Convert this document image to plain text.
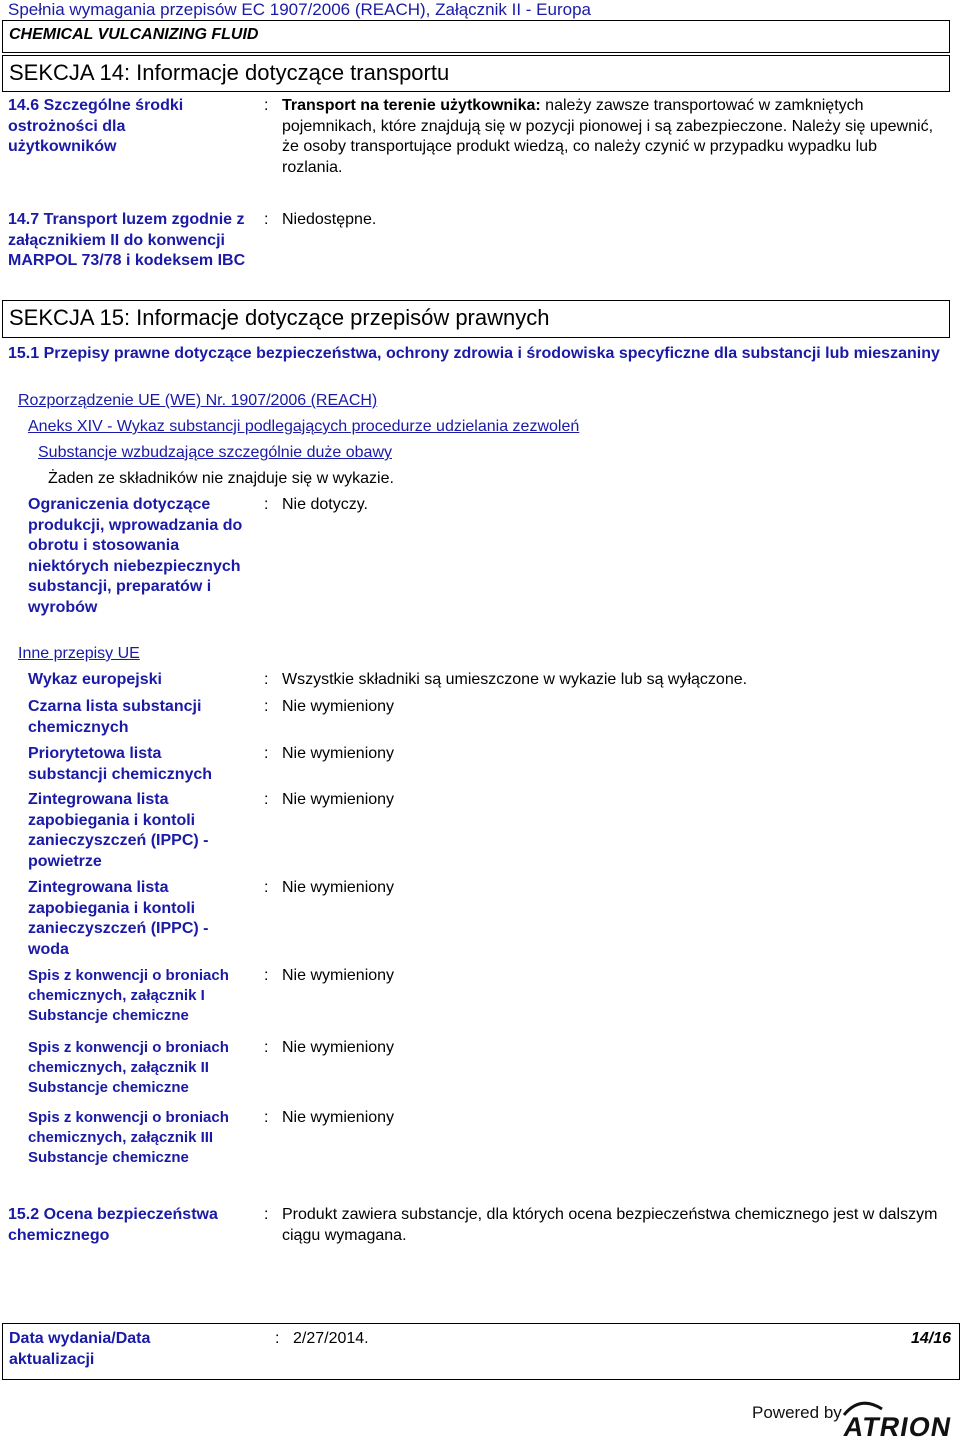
Spełnia wymagania przepisów EC 1907/2006 (REACH), Załącznik II - Europa
CHEMICAL VULCANIZING FLUID
SEKCJA 14: Informacje dotyczące transportu
14.6 Szczególne środki ostrożności dla użytkowników
: Transport na terenie użytkownika: należy zawsze transportować w zamkniętych pojemnikach, które znajdują się w pozycji pionowej i są zabezpieczone. Należy się upewnić, że osoby transportujące produkt wiedzą, co należy czynić w przypadku wypadku lub rozlania.
14.7 Transport luzem zgodnie z załącznikiem II do konwencji MARPOL 73/78 i kodeksem IBC
: Niedostępne.
SEKCJA 15: Informacje dotyczące przepisów prawnych
15.1 Przepisy prawne dotyczące bezpieczeństwa, ochrony zdrowia i środowiska specyficzne dla substancji lub mieszaniny
Rozporządzenie UE (WE) Nr. 1907/2006 (REACH)
Aneks XIV - Wykaz substancji podlegających procedurze udzielania zezwoleń
Substancje wzbudzające szczególnie duże obawy
Żaden ze składników nie znajduje się w wykazie.
Ograniczenia dotyczące produkcji, wprowadzania do obrotu i stosowania niektórych niebezpiecznych substancji, preparatów i wyrobów
: Nie dotyczy.
Inne przepisy UE
Wykaz europejski	: Wszystkie składniki są umieszczone w wykazie lub są wyłączone.
Czarna lista substancji chemicznych
: Nie wymieniony
Priorytetowa lista substancji chemicznych
: Nie wymieniony
Zintegrowana lista zapobiegania i kontoli zanieczyszczeń (IPPC) - powietrze
: Nie wymieniony
Zintegrowana lista zapobiegania i kontoli zanieczyszczeń (IPPC) - woda
: Nie wymieniony
Spis z konwencji o broniach chemicznych, załącznik I Substancje chemiczne
: Nie wymieniony
Spis z konwencji o broniach chemicznych, załącznik II Substancje chemiczne
: Nie wymieniony
Spis z konwencji o broniach chemicznych, załącznik III Substancje chemiczne
: Nie wymieniony
15.2 Ocena bezpieczeństwa chemicznego
: Produkt zawiera substancje, dla których ocena bezpieczeństwa chemicznego jest w dalszym ciągu wymagana.
Data wydania/Data aktualizacji
: 2/27/2014.	14/16
Powered by ATRION
